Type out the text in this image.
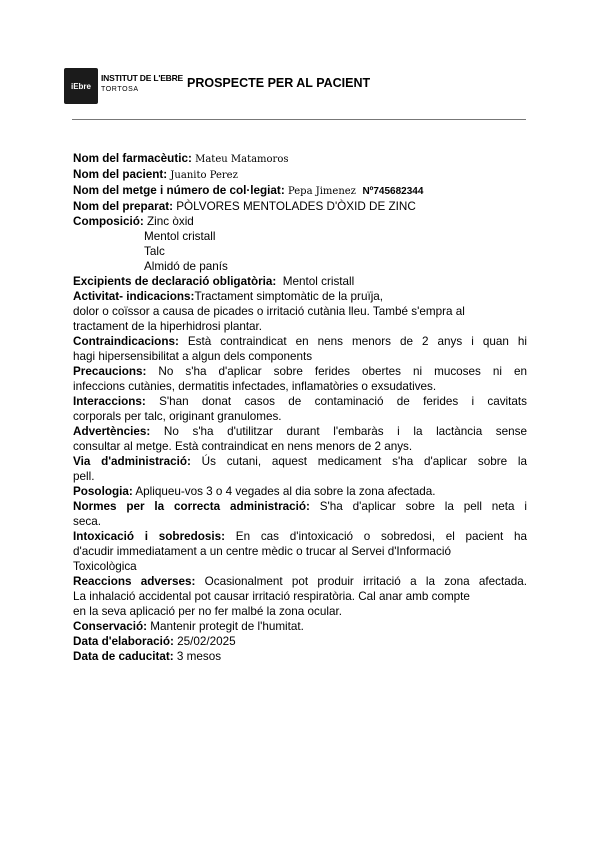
iEbre
INSTITUT DE L'EBRE
TORTOSA	PROSPECTE PER AL PACIENT
Nom del farmacèutic: Mateu Matamoros
Nom del pacient: Juanito Perez
Nom del metge i número de col·legiat: Pepa Jimenez Nº745682344
Nom del preparat: PÒLVORES MENTOLADES D'ÒXID DE ZINC
Composició: Zinc òxid
Mentol cristall
Talc
Almidó de panís
Excipients de declaració obligatòria: Mentol cristall
Activitat- indicacions:Tractament simptomàtic de la pruïja,
dolor o coïssor a causa de picades o irritació cutània lleu. També s'empra al
tractament de la hiperhidrosi plantar.
Contraindicacions: Està contraindicat en nens menors de 2 anys i quan hi
hagi hipersensibilitat a algun dels components
Precaucions: No s'ha d'aplicar sobre ferides obertes ni mucoses ni en
infeccions cutànies, dermatitis infectades, inflamatòries o exsudatives.
Interaccions: S'han donat casos de contaminació de ferides i cavitats
corporals per talc, originant granulomes.
Advertències: No s'ha d'utilitzar durant l'embaràs i la lactància sense
consultar al metge. Està contraindicat en nens menors de 2 anys.
Via d'administració: Ús cutani, aquest medicament s'ha d'aplicar sobre la
pell.
Posologia: Apliqueu-vos 3 o 4 vegades al dia sobre la zona afectada.
Normes per la correcta administració: S'ha d'aplicar sobre la pell neta i
seca.
Intoxicació i sobredosis: En cas d'intoxicació o sobredosi, el pacient ha
d'acudir immediatament a un centre mèdic o trucar al Servei d'Informació
Toxicològica
Reaccions adverses: Ocasionalment pot produir irritació a la zona afectada.
La inhalació accidental pot causar irritació respiratòria. Cal anar amb compte
en la seva aplicació per no fer malbé la zona ocular.
Conservació: Mantenir protegit de l'humitat.
Data d'elaboració: 25/02/2025
Data de caducitat: 3 mesos
